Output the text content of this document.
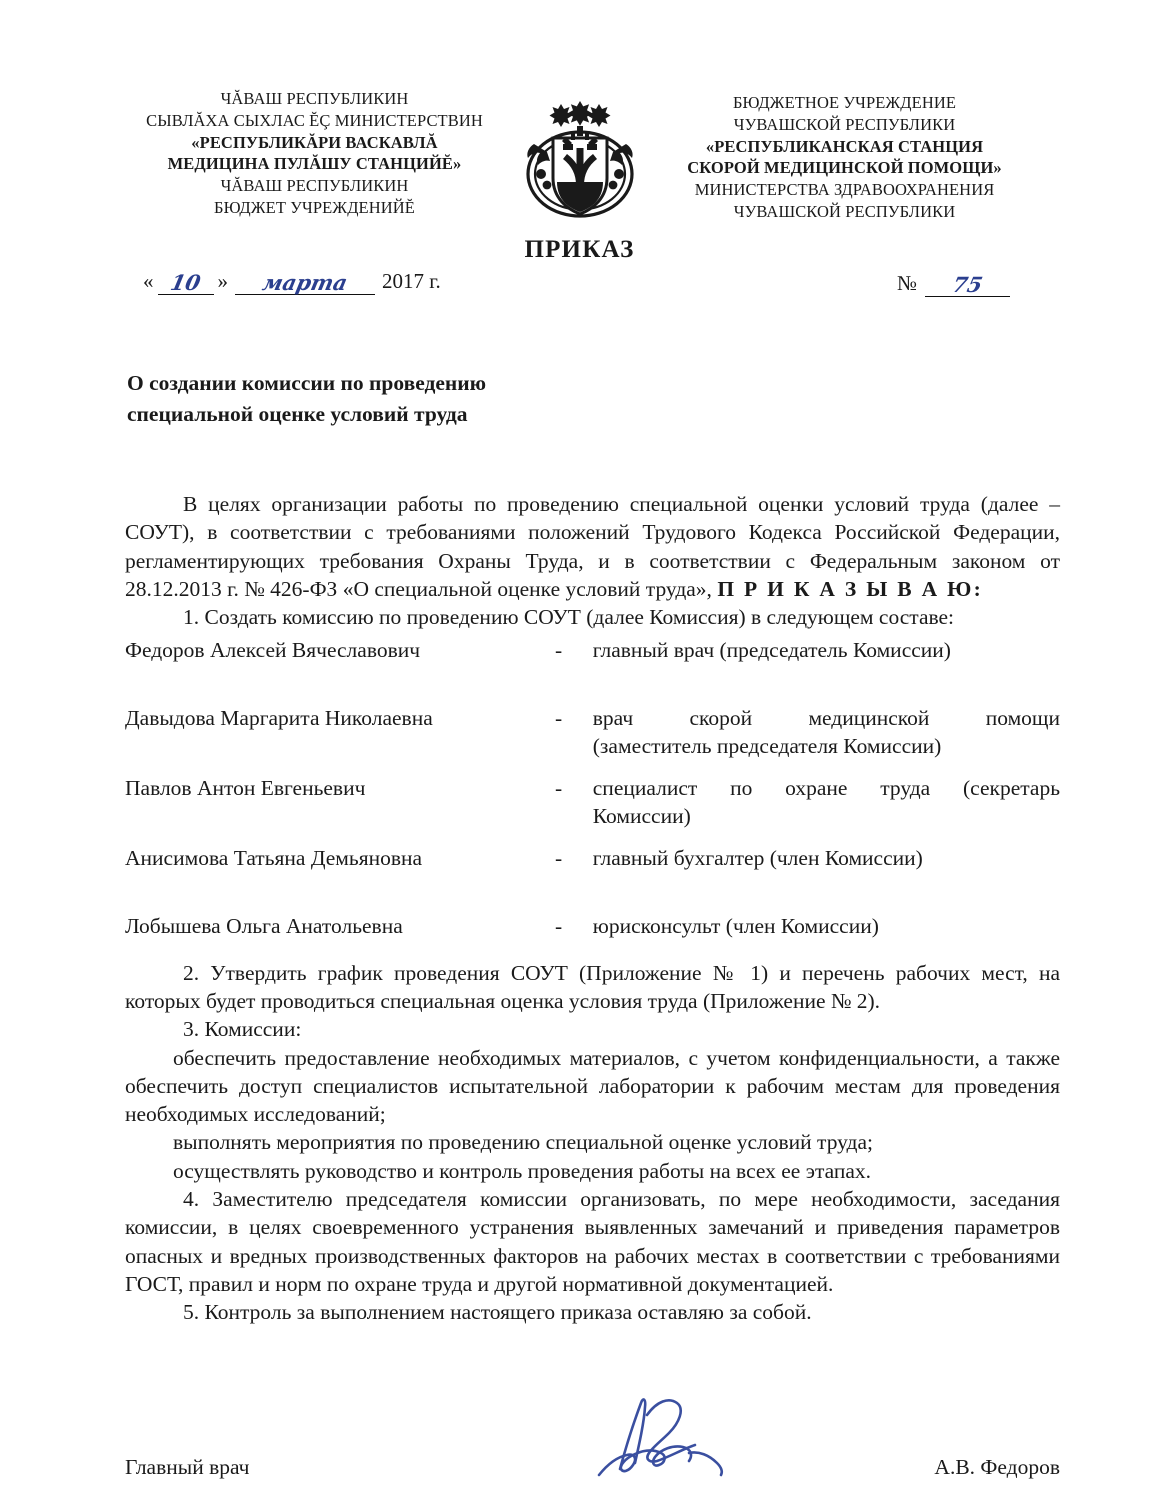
ЧĂВАШ РЕСПУБЛИКИН
СЫВЛĂХА СЫХЛАС ĔÇ МИНИСТЕРСТВИН
«РЕСПУБЛИКĂРИ ВАСКАВЛĂ
МЕДИЦИНА ПУЛĂШУ СТАНЦИЙĔ»
ЧĂВАШ РЕСПУБЛИКИН
БЮДЖЕТ УЧРЕЖДЕНИЙĔ
БЮДЖЕТНОЕ УЧРЕЖДЕНИЕ
ЧУВАШСКОЙ РЕСПУБЛИКИ
«РЕСПУБЛИКАНСКАЯ СТАНЦИЯ
СКОРОЙ МЕДИЦИНСКОЙ ПОМОЩИ»
МИНИСТЕРСТВА ЗДРАВООХРАНЕНИЯ
ЧУВАШСКОЙ РЕСПУБЛИКИ
ПРИКАЗ
« 10 »	марта	2017 г.	№	75
О создании комиссии по проведению специальной оценке условий труда

В целях организации работы по проведению специальной оценки условий труда (далее – СОУТ), в соответствии с требованиями положений Трудового Кодекса Российской Федерации, регламентирующих требования Охраны Труда, и в соответствии с Федеральным законом от 28.12.2013 г. № 426-ФЗ «О специальной оценке условий труда», П Р И К А З Ы В А Ю:

1. Создать комиссию по проведению СОУТ (далее Комиссия) в следующем составе:

Федоров Алексей Вячеславович	-	главный врач (председатель Комиссии)

Давыдова Маргарита Николаевна	-	врач скорой медицинской помощи
(заместитель председателя Комиссии)

Павлов Антон Евгеньевич	-	специалист по охране труда (секретарь
Комиссии)

Анисимова Татьяна Демьяновна	-	главный бухгалтер (член Комиссии)

Лобышева Ольга Анатольевна	-	юрисконсульт (член Комиссии)

2. Утвердить график проведения СОУТ (Приложение № 1) и перечень рабочих мест, на которых будет проводиться специальная оценка условия труда (Приложение № 2).

3. Комиссии:

обеспечить предоставление необходимых материалов, с учетом конфиденциальности, а также обеспечить доступ специалистов испытательной лаборатории к рабочим местам для проведения необходимых исследований;

выполнять мероприятия по проведению специальной оценке условий труда;

осуществлять руководство и контроль проведения работы на всех ее этапах.

4. Заместителю председателя комиссии организовать, по мере необходимости, заседания комиссии, в целях своевременного устранения выявленных замечаний и приведения параметров опасных и вредных производственных факторов на рабочих местах в соответствии с требованиями ГОСТ, правил и норм по охране труда и другой нормативной документацией.

5. Контроль за выполнением настоящего приказа оставляю за собой.

Главный врач	А.В. Федоров
